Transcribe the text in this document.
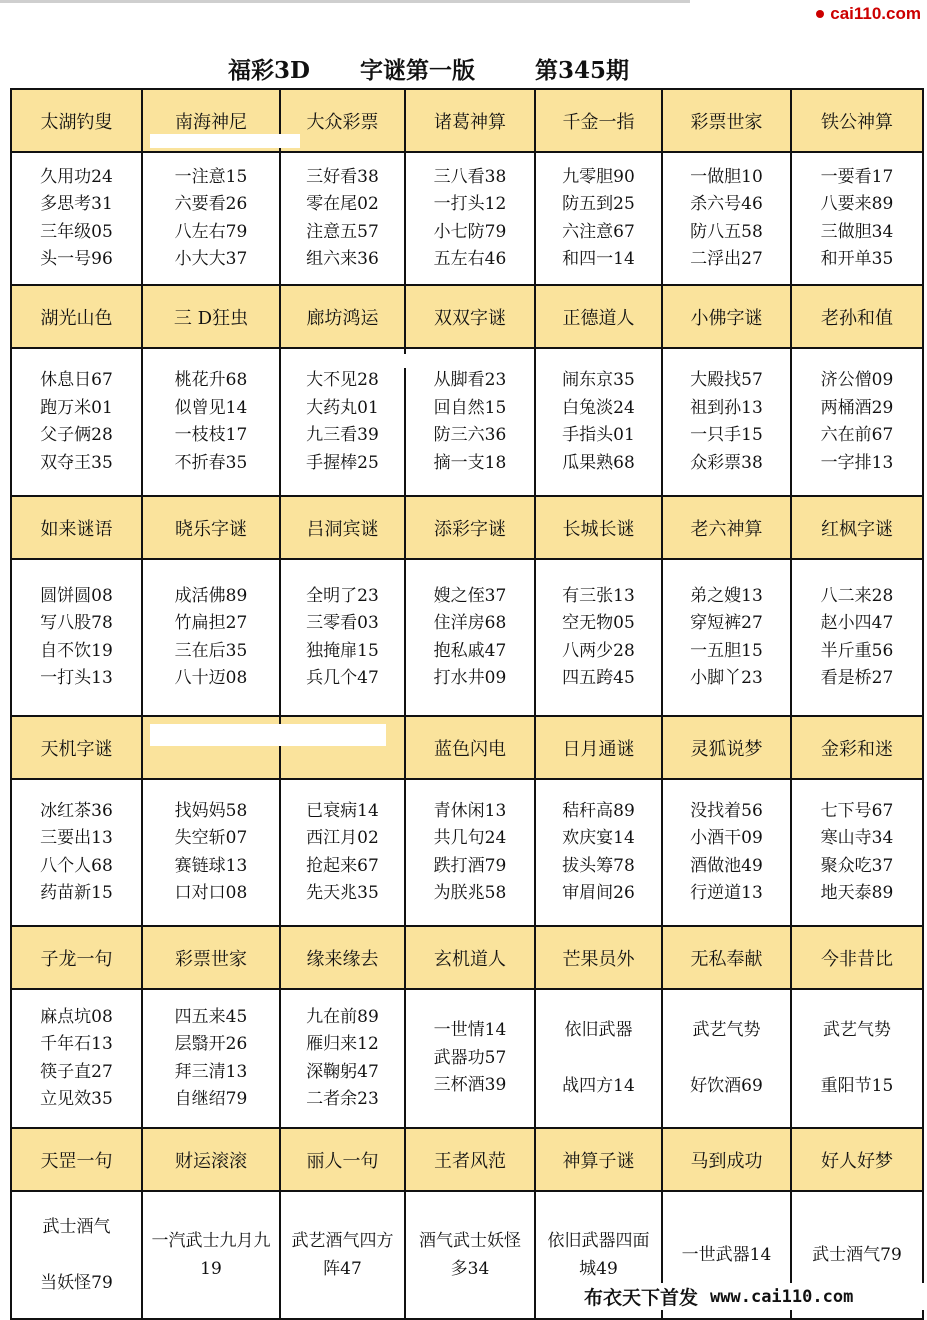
cai110.com
福彩3D 字谜第一版	第345期
太湖钓叟	南海神尼	大众彩票	诸葛神算	千金一指	彩票世家	铁公神算

久用功24
多思考31
三年级05
头一号96	一注意15
六要看26
八左右79
小大大37	三好看38
零在尾02
注意五57
组六来36	三八看38
一打头12
小七防79
五左右46	九零胆90
防五到25
六注意67
和四一14	一做胆10
杀六号46
防八五58
二浮出27	一要看17
八要来89
三做胆34
和开单35

湖光山色	三 D狂虫	廊坊鸿运	双双字谜	正德道人	小佛字谜	老孙和值

休息日67
跑万米01
父子俩28
双夺王35	桃花升68
似曾见14
一枝枝17
不折春35	大不见28
大药丸01
九三看39
手握棒25	从脚看23
回自然15
防三六36
摘一支18	闹东京35
白兔淡24
手指头01
瓜果熟68	大殿找57
祖到孙13
一只手15
众彩票38	济公僧09
两桶酒29
六在前67
一字排13

如来谜语	晓乐字谜	吕洞宾谜	添彩字谜	长城长谜	老六神算	红枫字谜

圆饼圆08
写八股78
自不饮19
一打头13	成活佛89
竹扁担27
三在后35
八十迈08	全明了23
三零看03
独掩扉15
兵几个47	嫂之侄37
住洋房68
抱私戚47
打水井09	有三张13
空无物05
八两少28
四五跨45	弟之嫂13
穿短裤27
一五胆15
小脚丫23	八二来28
赵小四47
半斤重56
看是桥27

天机字谜			蓝色闪电	日月通谜	灵狐说梦	金彩和迷

冰红茶36
三要出13
八个人68
药苗新15	找妈妈58
失空斩07
赛链球13
口对口08	已衰病14
西江月02
抢起来67
先天兆35	青休闲13
共几句24
跌打酒79
为朕兆58	秸秆高89
欢庆宴14
拔头筹78
审眉间26	没找着56
小酒干09
酒做池49
行逆道13	七下号67
寒山寺34
聚众吃37
地天泰89

子龙一句	彩票世家	缘来缘去	玄机道人	芒果员外	无私奉献	今非昔比

麻点坑08
千年石13
筷子直27
立见效35	四五来45
层翳开26
拜三清13
自继绍79	九在前89
雁归来12
深鞠躬47
二者余23	一世情14
武器功57
三杯酒39	依旧武器
战四方14	武艺气势
好饮酒69	武艺气势
重阳节15

天罡一句	财运滚滚	丽人一句	王者风范	神算子谜	马到成功	好人好梦

武士酒气
当妖怪79	一汽武士九月九19	武艺酒气四方阵47	酒气武士妖怪多34	依旧武器四面城49	一世武器14	武士酒气79
布衣天下首发 www.cai110.com
